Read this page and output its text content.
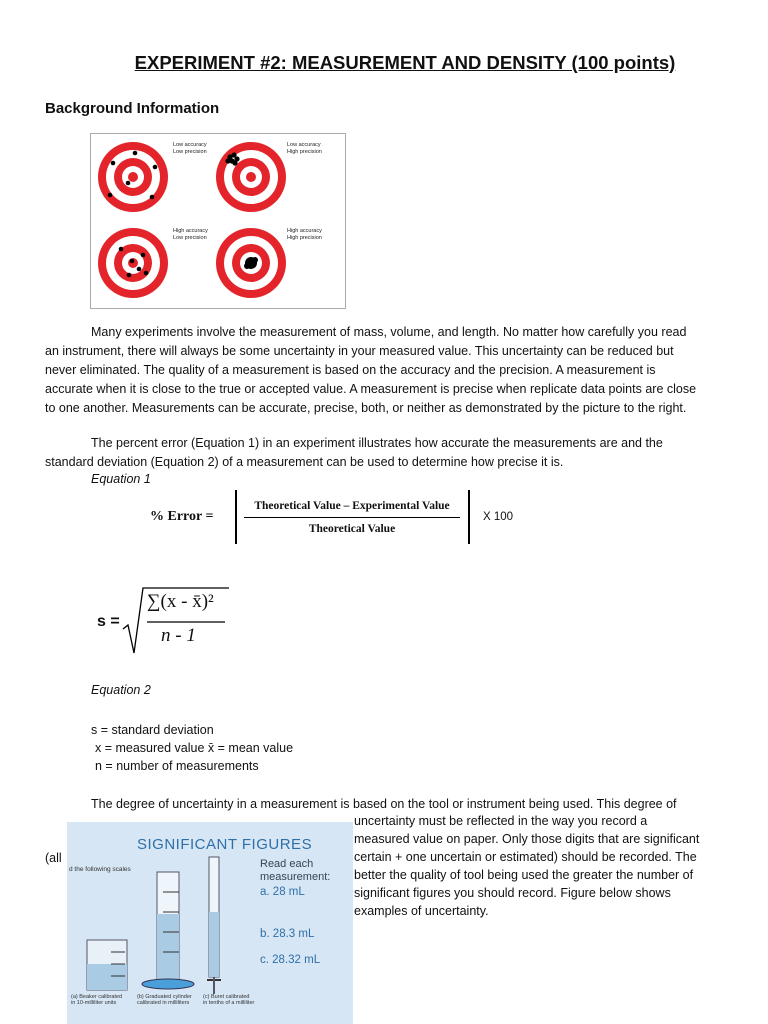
EXPERIMENT #2: MEASUREMENT AND DENSITY (100 points)
Background Information
Low accuracy
Low precision
Low accuracy
High precision
High accuracy
Low precision
High accuracy
High precision

Many experiments involve the measurement of mass, volume, and length. No matter how carefully you read

an instrument, there will always be some uncertainty in your measured value. This uncertainty can be reduced but

never eliminated. The quality of a measurement is based on the accuracy and the precision. A measurement is

accurate when it is close to the true or accepted value. A measurement is precise when replicate data points are close

to one another. Measurements can be accurate, precise, both, or neither as demonstrated by the picture to the right.

The percent error (Equation 1) in an experiment illustrates how accurate the measurements are and the

standard deviation (Equation 2) of a measurement can be used to determine how precise it is.

Equation 1
% Error =
Theoretical Value – Experimental Value
Theoretical Value
X 100
s =
∑(x - x̄)²
n - 1
Equation 2
s = standard deviation
x = measured value x̄ = mean value
n = number of measurements
The degree of uncertainty in a measurement is based on the tool or instrument being used. This degree of
(all
uncertainty must be reflected in the way you record a
measured value on paper. Only those digits that are significant
certain + one uncertain or estimated) should be recorded. The
better the quality of tool being used the greater the number of
significant figures you should record. Figure below shows
examples of uncertainty.
SIGNIFICANT FIGURES
d the following scales	Read each
measurement:
a. 28 mL
b. 28.3 mL
c. 28.32 mL
(a) Beaker calibrated in 10-milliliter units
(b) Graduated cylinder calibrated in milliliters
(c) Buret calibrated in tenths of a milliliter
